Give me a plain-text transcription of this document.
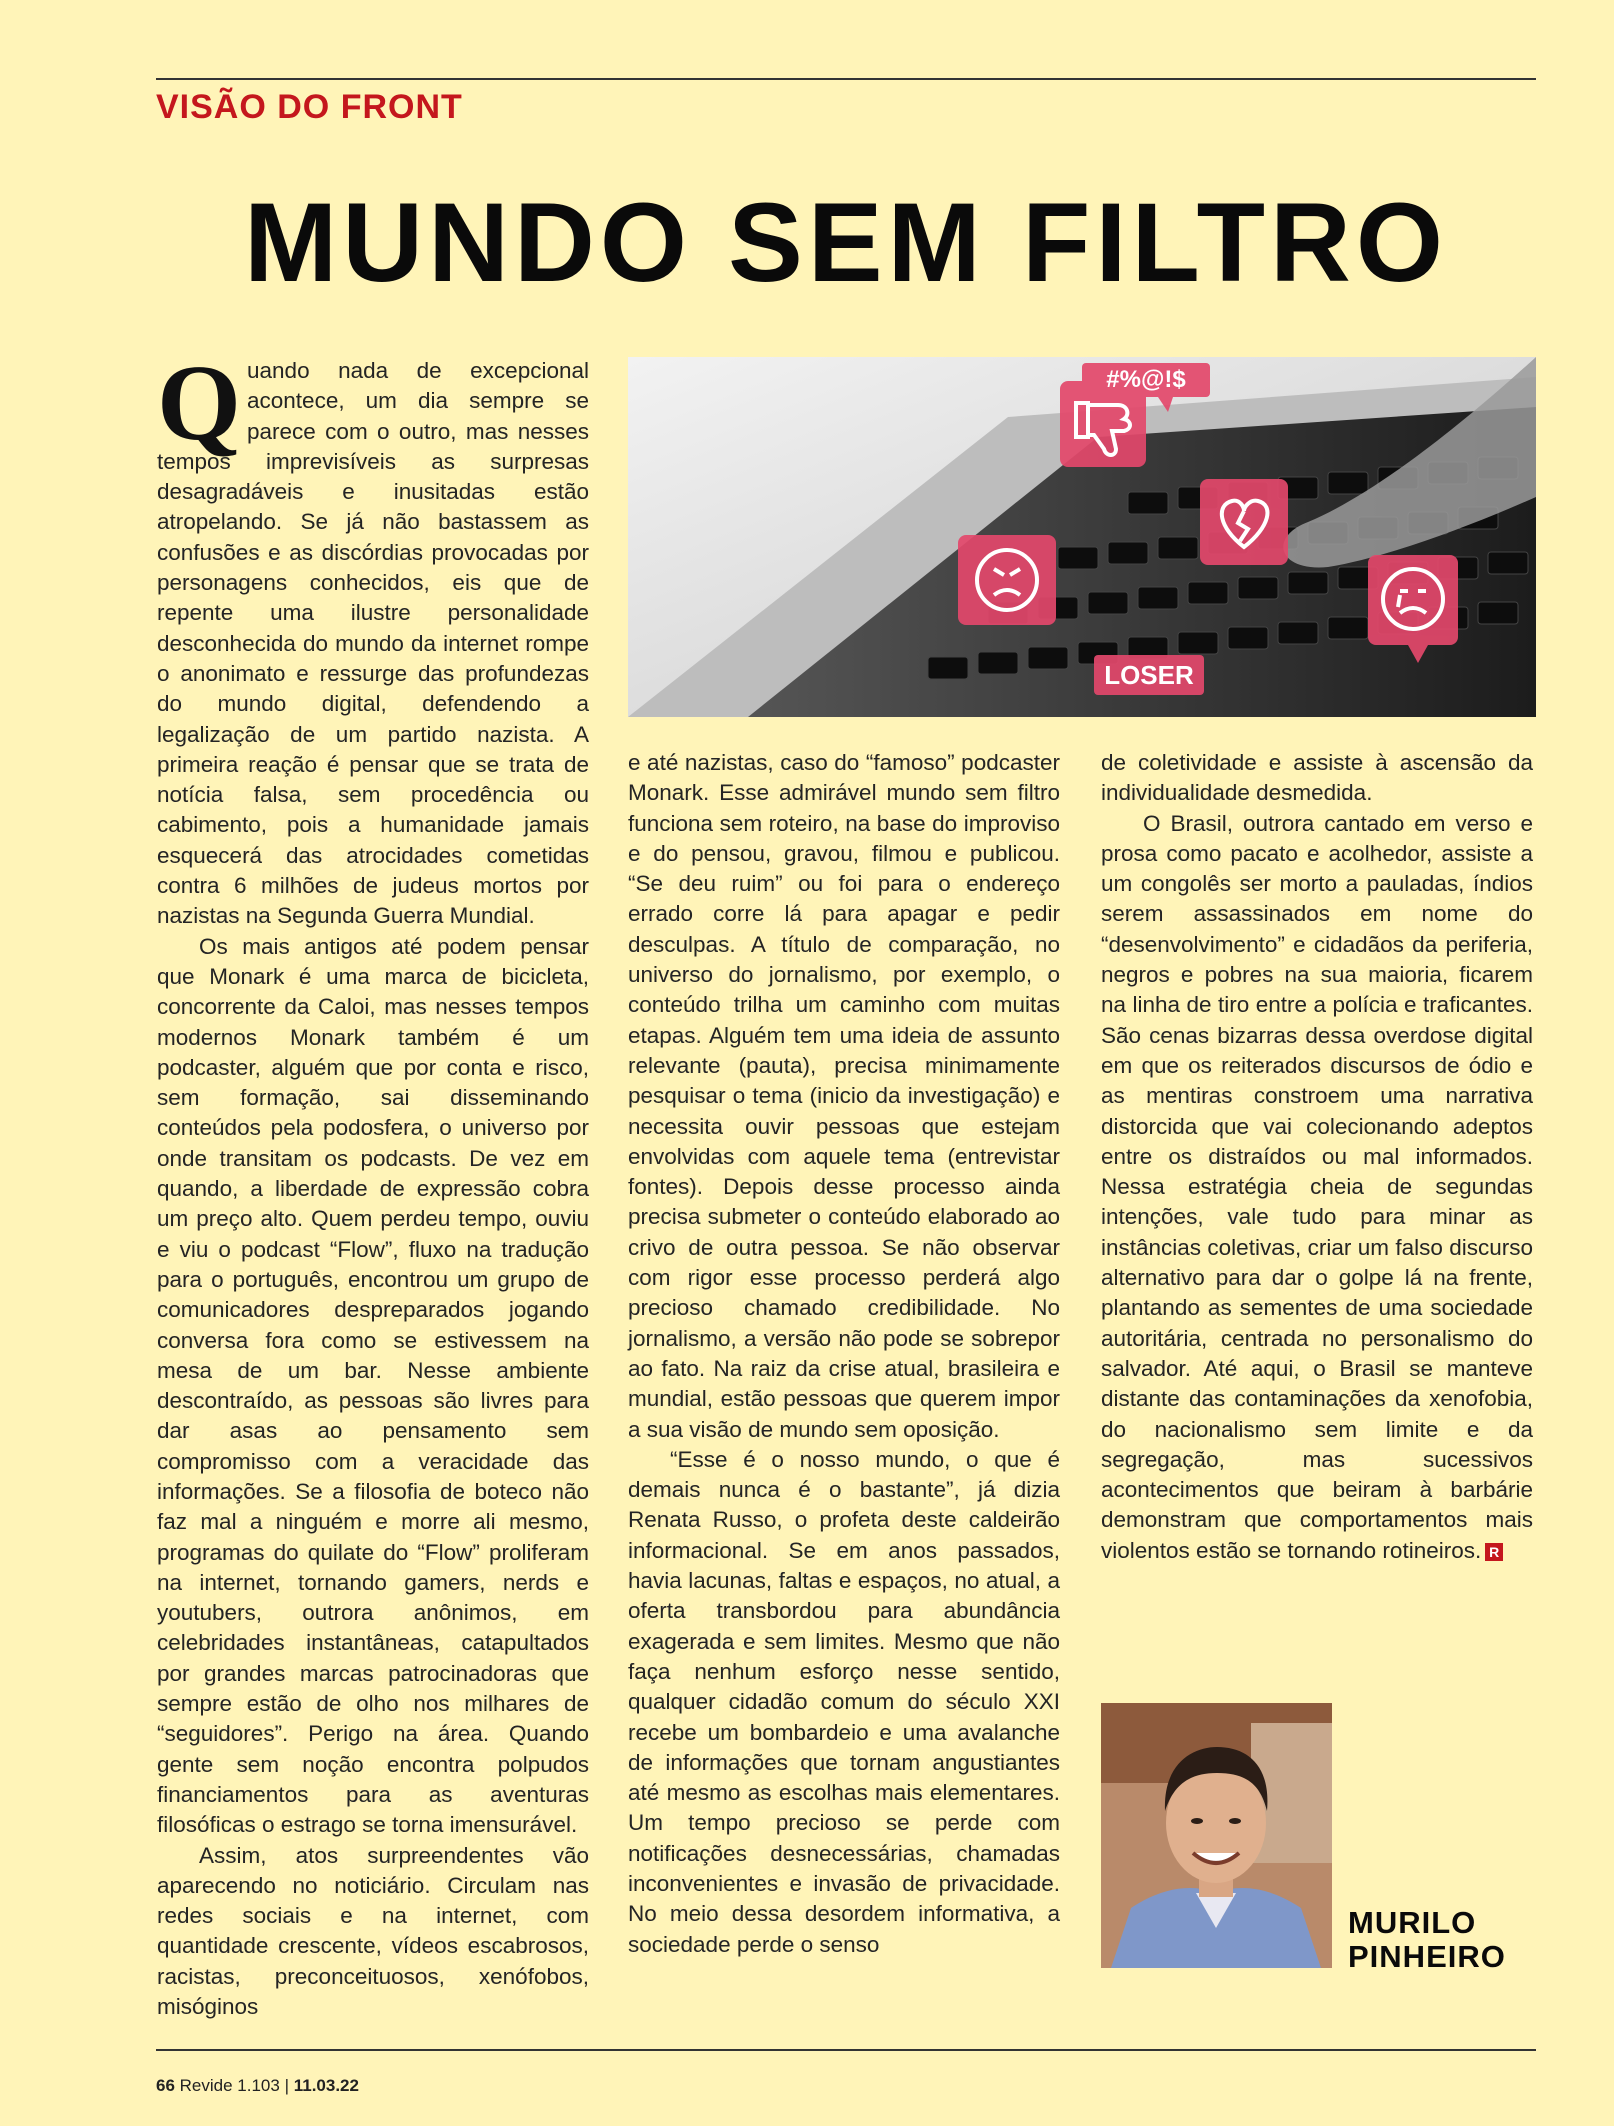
VISÃO DO FRONT
MUNDO SEM FILTRO

Quando nada de excepcional acontece, um dia sempre se parece com o outro, mas nesses tempos imprevisíveis as surpresas desagradáveis e inusitadas estão atropelando. Se já não bastassem as confusões e as discórdias provocadas por personagens conhecidos, eis que de repente uma ilustre personalidade desconhecida do mundo da internet rompe o anonimato e ressurge das profundezas do mundo digital, defendendo a legalização de um partido nazista. A primeira reação é pensar que se trata de notícia falsa, sem procedência ou cabimento, pois a humanidade jamais esquecerá das atrocidades cometidas contra 6 milhões de judeus mortos por nazistas na Segunda Guerra Mundial.

Os mais antigos até podem pensar que Monark é uma marca de bicicleta, concorrente da Caloi, mas nesses tempos modernos Monark também é um podcaster, alguém que por conta e risco, sem formação, sai disseminando conteúdos pela podosfera, o universo por onde transitam os podcasts. De vez em quando, a liberdade de expressão cobra um preço alto. Quem perdeu tempo, ouviu e viu o podcast “Flow”, fluxo na tradução para o português, encontrou um grupo de comunicadores despreparados jogando conversa fora como se estivessem na mesa de um bar. Nesse ambiente descontraído, as pessoas são livres para dar asas ao pensamento sem compromisso com a veracidade das informações. Se a filosofia de boteco não faz mal a ninguém e morre ali mesmo, programas do quilate do “Flow” proliferam na internet, tornando gamers, nerds e youtubers, outrora anônimos, em celebridades instantâneas, catapultados por grandes marcas patrocinadoras que sempre estão de olho nos milhares de “seguidores”. Perigo na área. Quando gente sem noção encontra polpudos financiamentos para as aventuras filosóficas o estrago se torna imensurável.

Assim, atos surpreendentes vão aparecendo no noticiário. Circulam nas redes sociais e na internet, com quantidade crescente, vídeos escabrosos, racistas, preconceituosos, xenófobos, misóginos

#%@!$
LOSER

e até nazistas, caso do “famoso” podcaster Monark. Esse admirável mundo sem filtro funciona sem roteiro, na base do improviso e do pensou, gravou, filmou e publicou. “Se deu ruim” ou foi para o endereço errado corre lá para apagar e pedir desculpas. A título de comparação, no universo do jornalismo, por exemplo, o conteúdo trilha um caminho com muitas etapas. Alguém tem uma ideia de assunto relevante (pauta), precisa minimamente pesquisar o tema (inicio da investigação) e necessita ouvir pessoas que estejam envolvidas com aquele tema (entrevistar fontes). Depois desse processo ainda precisa submeter o conteúdo elaborado ao crivo de outra pessoa. Se não observar com rigor esse processo perderá algo precioso chamado credibilidade. No jornalismo, a versão não pode se sobrepor ao fato. Na raiz da crise atual, brasileira e mundial, estão pessoas que querem impor a sua visão de mundo sem oposição.

“Esse é o nosso mundo, o que é demais nunca é o bastante”, já dizia Renata Russo, o profeta deste caldeirão informacional. Se em anos passados, havia lacunas, faltas e espaços, no atual, a oferta transbordou para abundância exagerada e sem limites. Mesmo que não faça nenhum esforço nesse sentido, qualquer cidadão comum do século XXI recebe um bombardeio e uma avalanche de informações que tornam angustiantes até mesmo as escolhas mais elementares. Um tempo precioso se perde com notificações desnecessárias, chamadas inconvenientes e invasão de privacidade. No meio dessa desordem informativa, a sociedade perde o senso

de coletividade e assiste à ascensão da individualidade desmedida.

O Brasil, outrora cantado em verso e prosa como pacato e acolhedor, assiste a um congolês ser morto a pauladas, índios serem assassinados em nome do “desenvolvimento” e cidadãos da periferia, negros e pobres na sua maioria, ficarem na linha de tiro entre a polícia e traficantes. São cenas bizarras dessa overdose digital em que os reiterados discursos de ódio e as mentiras constroem uma narrativa distorcida que vai colecionando adeptos entre os distraídos ou mal informados. Nessa estratégia cheia de segundas intenções, vale tudo para minar as instâncias coletivas, criar um falso discurso alternativo para dar o golpe lá na frente, plantando as sementes de uma sociedade autoritária, centrada no personalismo do salvador. Até aqui, o Brasil se manteve distante das contaminações da xenofobia, do nacionalismo sem limite e da segregação, mas sucessivos acontecimentos que beiram à barbárie demonstram que comportamentos mais violentos estão se tornando rotineiros. R

MURILO
PINHEIRO
66 Revide 1.103 | 11.03.22
